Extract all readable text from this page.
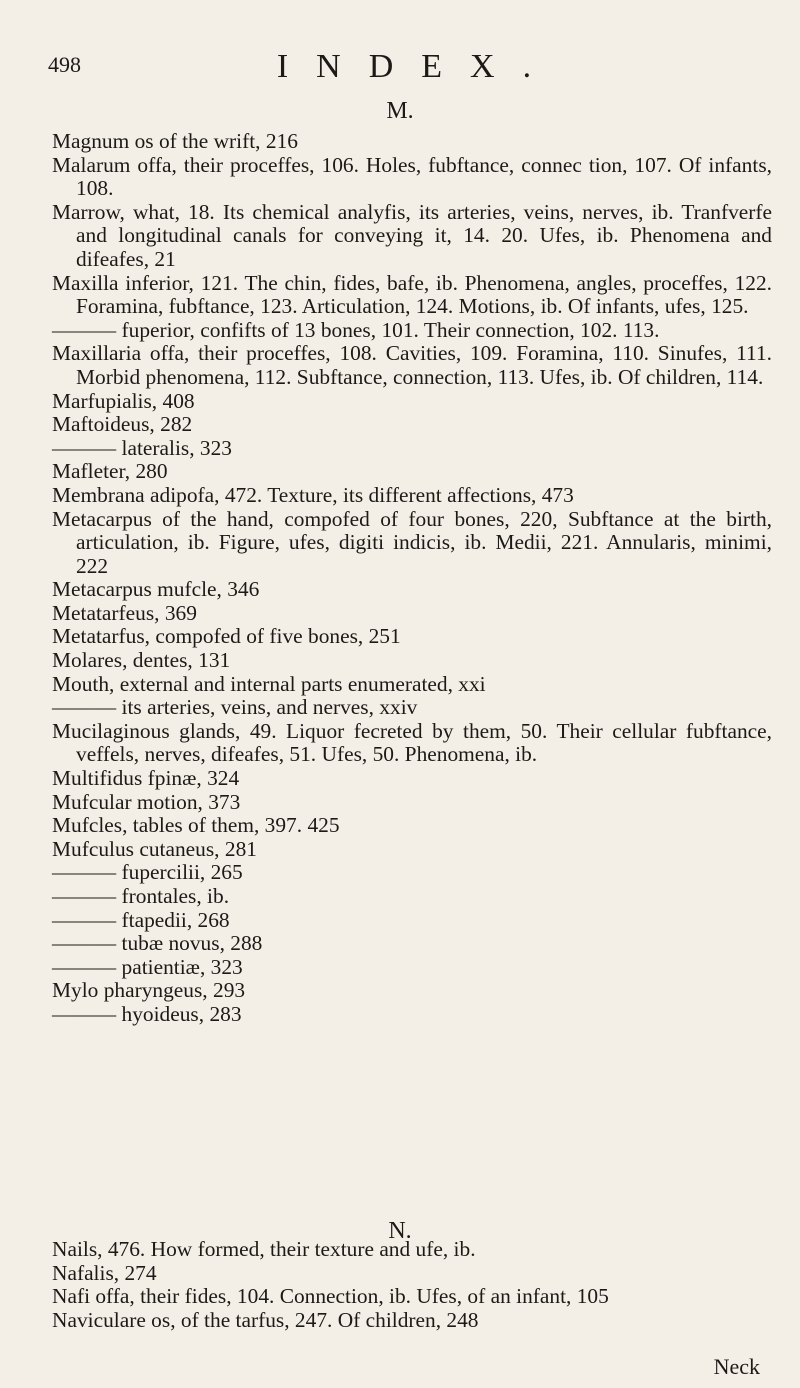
498	INDEX.
M.
Magnum os of the wrift, 216
Malarum offa, their proceffes, 106. Holes, fubftance, connec tion, 107. Of infants, 108.
Marrow, what, 18. Its chemical analyfis, its arteries, veins, nerves, ib. Tranfverfe and longitudinal canals for conveying it, 14. 20. Ufes, ib. Phenomena and difeafes, 21
Maxilla inferior, 121. The chin, fides, bafe, ib. Phenomena, angles, proceffes, 122. Foramina, fubftance, 123. Articulation, 124. Motions, ib. Of infants, ufes, 125.
——— fuperior, confifts of 13 bones, 101. Their connection, 102. 113.
Maxillaria offa, their proceffes, 108. Cavities, 109. Foramina, 110. Sinufes, 111. Morbid phenomena, 112. Subftance, connection, 113. Ufes, ib. Of children, 114.
Marfupialis, 408
Maftoideus, 282
——— lateralis, 323
Mafleter, 280
Membrana adipofa, 472. Texture, its different affections, 473
Metacarpus of the hand, compofed of four bones, 220, Subftance at the birth, articulation, ib. Figure, ufes, digiti indicis, ib. Medii, 221. Annularis, minimi, 222
Metacarpus mufcle, 346
Metatarfeus, 369
Metatarfus, compofed of five bones, 251
Molares, dentes, 131
Mouth, external and internal parts enumerated, xxi
——— its arteries, veins, and nerves, xxiv
Mucilaginous glands, 49. Liquor fecreted by them, 50. Their cellular fubftance, veffels, nerves, difeafes, 51. Ufes, 50. Phenomena, ib.
Multifidus fpinæ, 324
Mufcular motion, 373
Mufcles, tables of them, 397. 425
Mufculus cutaneus, 281
——— fupercilii, 265
——— frontales, ib.
——— ftapedii, 268
——— tubæ novus, 288
——— patientiæ, 323
Mylo pharyngeus, 293
——— hyoideus, 283
N.
Nails, 476. How formed, their texture and ufe, ib.
Nafalis, 274
Nafi offa, their fides, 104. Connection, ib. Ufes, of an infant, 105
Naviculare os, of the tarfus, 247. Of children, 248
Neck
